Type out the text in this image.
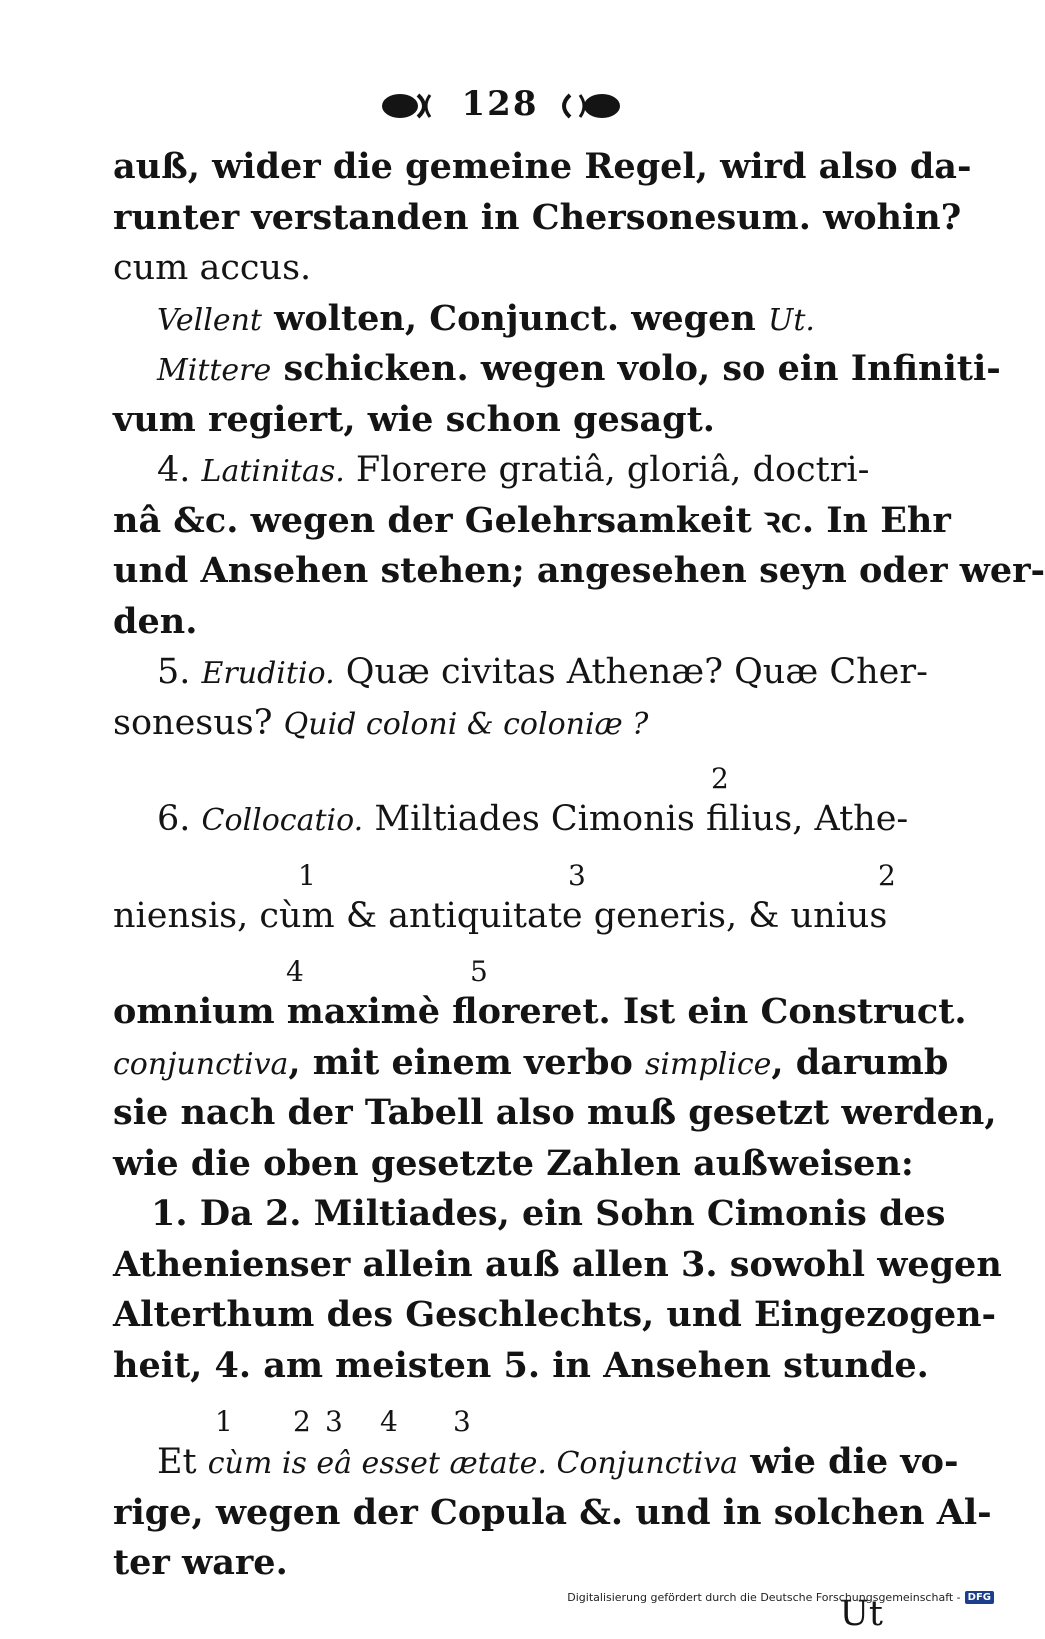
128
auß, wider die gemeine Regel, wird also da-
runter verstanden in Chersonesum. wohin?
cum accus.
Vellent wolten, Conjunct. wegen Ut.
Mittere schicken. wegen volo, so ein Infiniti-
vum regiert, wie schon gesagt.
4. Latinitas. Florere gratiâ, gloriâ, doctri-
nâ &c. wegen der Gelehrsamkeit ꝛc. In Ehr
und Ansehen stehen; angesehen seyn oder wer-
den.
5. Eruditio. Quæ civitas Athenæ? Quæ Cher-
sonesus? Quid coloni & coloniæ ?
2
6. Collocatio. Miltiades Cimonis filius, Athe-
1	3	2
niensis, cùm & antiquitate generis, & unius
4	5
omnium maximè floreret. Ist ein Construct.
conjunctiva, mit einem verbo simplice, darumb
sie nach der Tabell also muß gesetzt werden,
wie die oben gesetzte Zahlen außweisen:
1. Da 2. Miltiades, ein Sohn Cimonis des
Athenienser allein auß allen 3. sowohl wegen
Alterthum des Geschlechts, und Eingezogen-
heit, 4. am meisten 5. in Ansehen stunde.
1 2 3 4 3
Et cùm is eâ esset ætate. Conjunctiva wie die vo-
rige, wegen der Copula &. und in solchen Al-
ter ware.
Ut
Digitalisierung gefördert durch die Deutsche Forschungsgemeinschaft - DFG
